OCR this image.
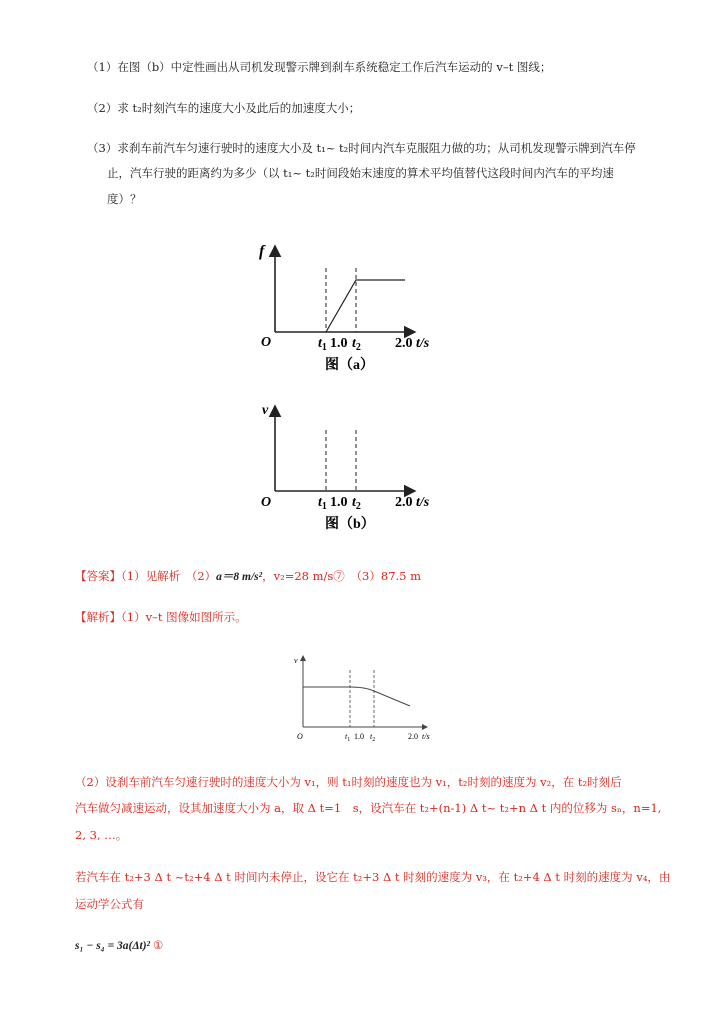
（1）在图（b）中定性画出从司机发现警示牌到刹车系统稳定工作后汽车运动的 v–t 图线；
（2）求 t₂时刻汽车的速度大小及此后的加速度大小；
（3）求刹车前汽车匀速行驶时的速度大小及 t₁~ t₂时间内汽车克服阻力做的功；从司机发现警示牌到汽车停
止，汽车行驶的距离约为多少（以 t₁~ t₂时间段始末速度的算术平均值替代这段时间内汽车的平均速
度）？
f
O	$t_1$ 1.0 $t_2$ 2.0 t/s
图（a）
v
O	$t_1$ 1.0 $t_2$ 2.0 t/s
图（b）
【答案】（1）见解析　（2）a＝8 m/s²，v₂=28 m/s⑦　（3）87.5 m
【解析】（1）v–t 图像如图所示。
v
O	$t_1$ 1.0 $t_2$	2.0 t/s
（2）设刹车前汽车匀速行驶时的速度大小为 v₁，则 t₁时刻的速度也为 v₁，t₂时刻的速度为 v₂，在 t₂时刻后
汽车做匀减速运动，设其加速度大小为 a，取 Δ t=1　s，设汽车在 t₂+(n-1) Δ t~ t₂+n Δ t 内的位移为 sₙ，n=1,
2, 3, …。
若汽车在 t₂+3 Δ t ~t₂+4 Δ t 时间内未停止，设它在 t₂+3 Δ t 时刻的速度为 v₃，在 t₂+4 Δ t 时刻的速度为 v₄，由
运动学公式有
s₁ − s₄ = 3a(Δt)² ①
